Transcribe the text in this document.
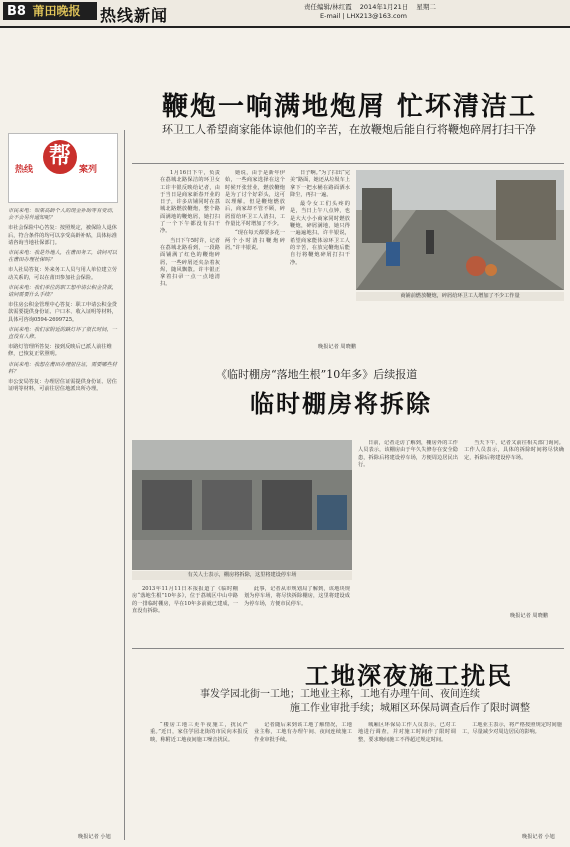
B8 莆田晚报	热线新闻	责任编辑/林红霞 2014年1月21日 星期二
E-mail | LHX213@163.com
鞭炮一响满地炮屑 忙坏清洁工
环卫工人希望商家能体谅他们的辛苦，在放鞭炮后能自行将鞭炮碎屑打扫干净

1月16日下午，负责在荔城北路保洁的环卫女工许丰银反映给记者，由于当日是商家新春开业的日子，许多店铺同时在荔城北路燃放鞭炮，整个路面满地的鞭炮屑，她打扫了一个下午都没有扫干净。

当日下午5时许，记者在荔城北路看到，一段路面铺满了红色的鞭炮碎屑，一些碎屑还夹杂着灰烬，随风飘散。许丰银正拿着扫帚一点一点地清扫。

她说，由于是新年伊始，一些商家选择在这个时候开张营业，燃放鞭炮是为了讨个好彩头，这可以理解。但是鞭炮燃放后，商家却不管不顾，碎屑留给环卫工人清扫，工作量比平时增加了不少。

“现在每天都要多花一两个小时清扫鞭炮碎屑。”许丰银说。

日子啊。”为了扫出“完美”路面，她还从垃圾车上拿下一把水桶在路面洒水降尘，再扫一遍。

最令女工们头疼的是，当日上午八点钟，也是大大小小商家同时燃放鞭炮，碎屑满地，她只得一遍遍地扫。许丰银说，希望商家能体谅环卫工人的辛苦，在放完鞭炮后能自行将鞭炮碎屑打扫干净。

晚报记者 周晓鹏
商铺前燃放鞭炮，碎屑给环卫工人增加了不少工作量
热线
帮
案列

市民来电：如果高龄个人的现金补助等有变动，会不会另外通知呢？

市社会保险中心答复：按照规定，被保险人退休后，符合条件的均可以享受高龄补贴，具体标准请咨询当地社保部门。

市民来电：我是外地人，在莆田务工，请问可以在莆田办理社保吗？

市人社局答复：外来务工人员与用人单位建立劳动关系的，可以在莆田参加社会保险。

市民来电：我们单位的职工想申请公积金贷款，请问需要什么手续？

市住房公积金管理中心答复：职工申请公积金贷款需要提供身份证、户口本、收入证明等材料，具体可咨询0594-2699725。

市民来电：我们家附近的路灯坏了很长时间，一直没有人修。

市路灯管理所答复：接到反映后已派人前往维修，已恢复正常照明。

市民来电：我想在莆田办理居住证，需要哪些材料？

市公安局答复：办理居住证需提供身份证、居住证明等材料，可前往居住地派出所办理。

晚报记者 小旭
《临时棚房“落地生根”10年多》后续报道
临时棚房将拆除
有关人士表示，棚房将拆除，这里将建设停车场

2013年11月11日本报报道了《临时棚房“落地生根”10年多》，位于荔城区中山中路的一排临时棚房，早在10年多前就已建成，一直没有拆除。

此事，记者从市规划局了解到，该地块规划为停车场，将尽快拆除棚房，这里将建设成为停车场，方便市民停车。

日前，记者走访了解到，棚房外的工作人员表示，该棚房由于年久失修存在安全隐患，拆除后将建设停车场，方便周边居民出行。

当天下午，记者又前往相关部门询问。工作人员表示，具体的拆除时间将尽快确定，拆除后将建设停车场。

晚报记者 周晓鹏
工地深夜施工扰民
事发学园北街一工地；工地业主称，工地有办理午间、夜间连续
施工作业审批手续；城厢区环保局调查后作了限时调整

“楼房工地三更半夜施工，扰民严重。”近日，家住学园北街的市民向本报反映，称附近工地夜间施工噪音扰民。

记者随后来到该工地了解情况，工地业主称，工地有办理午间、夜间连续施工作业审批手续。

城厢区环保局工作人员表示，已对工地进行调查，并对施工时间作了限时调整，要求晚间施工不得超过规定时间。

工地业主表示，将严格按照规定时间施工，尽量减少对周边居民的影响。

晚报记者 小旭
